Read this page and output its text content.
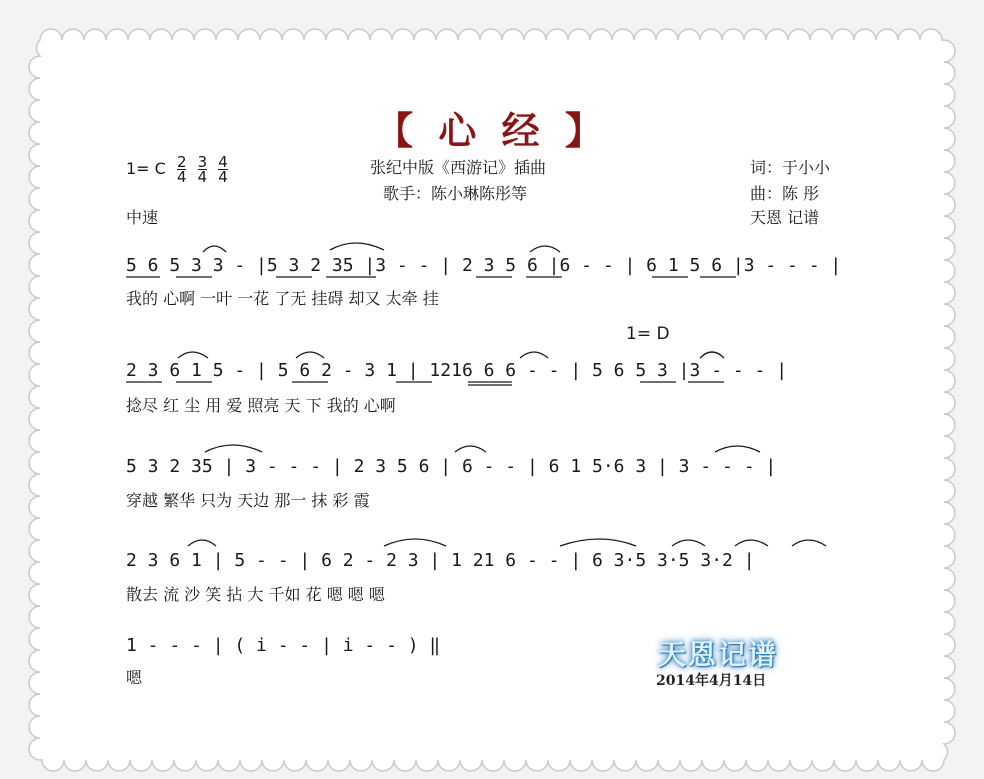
【 心 经 】
1= C $\frac{2}{4}$
$\frac{3}{4}$
$\frac{4}{4}$
中速
张纪中版《西游记》插曲
歌手：陈小琳陈彤等
词：于小小
曲：陈 彤
天恩 记谱
5 6 5 3 3 - |5 3 2 35 |3 - - | 2 3 5 6 |6 - - | 6 1 5 6 |3 - - - |
我的 心啊 一叶 一花 了无 挂碍 却又 太牵 挂
1= D
2 3 6 1 5 - | 5 6 2 - 3 1 | 1216 6 6 - - | 5 6 5 3 |3 - - - |
捻尽 红 尘 用 爱 照亮 天 下 我的 心啊
5 3 2 35 | 3 - - - | 2 3 5 6 | 6 - - | 6 1 5·6 3 | 3 - - - |
穿越 繁华 只为 天边 那一 抹 彩 霞
2 3 6 1 | 5 - - | 6 2 - 2 3 | 1 21 6 - - | 6 3·5 3·5 3·2 |
散去 流 沙 笑 拈 大 千如 花 嗯 嗯 嗯
1 - - - | ( i - - | i - - ) ‖
嗯
天恩记谱
2014年4月14日
